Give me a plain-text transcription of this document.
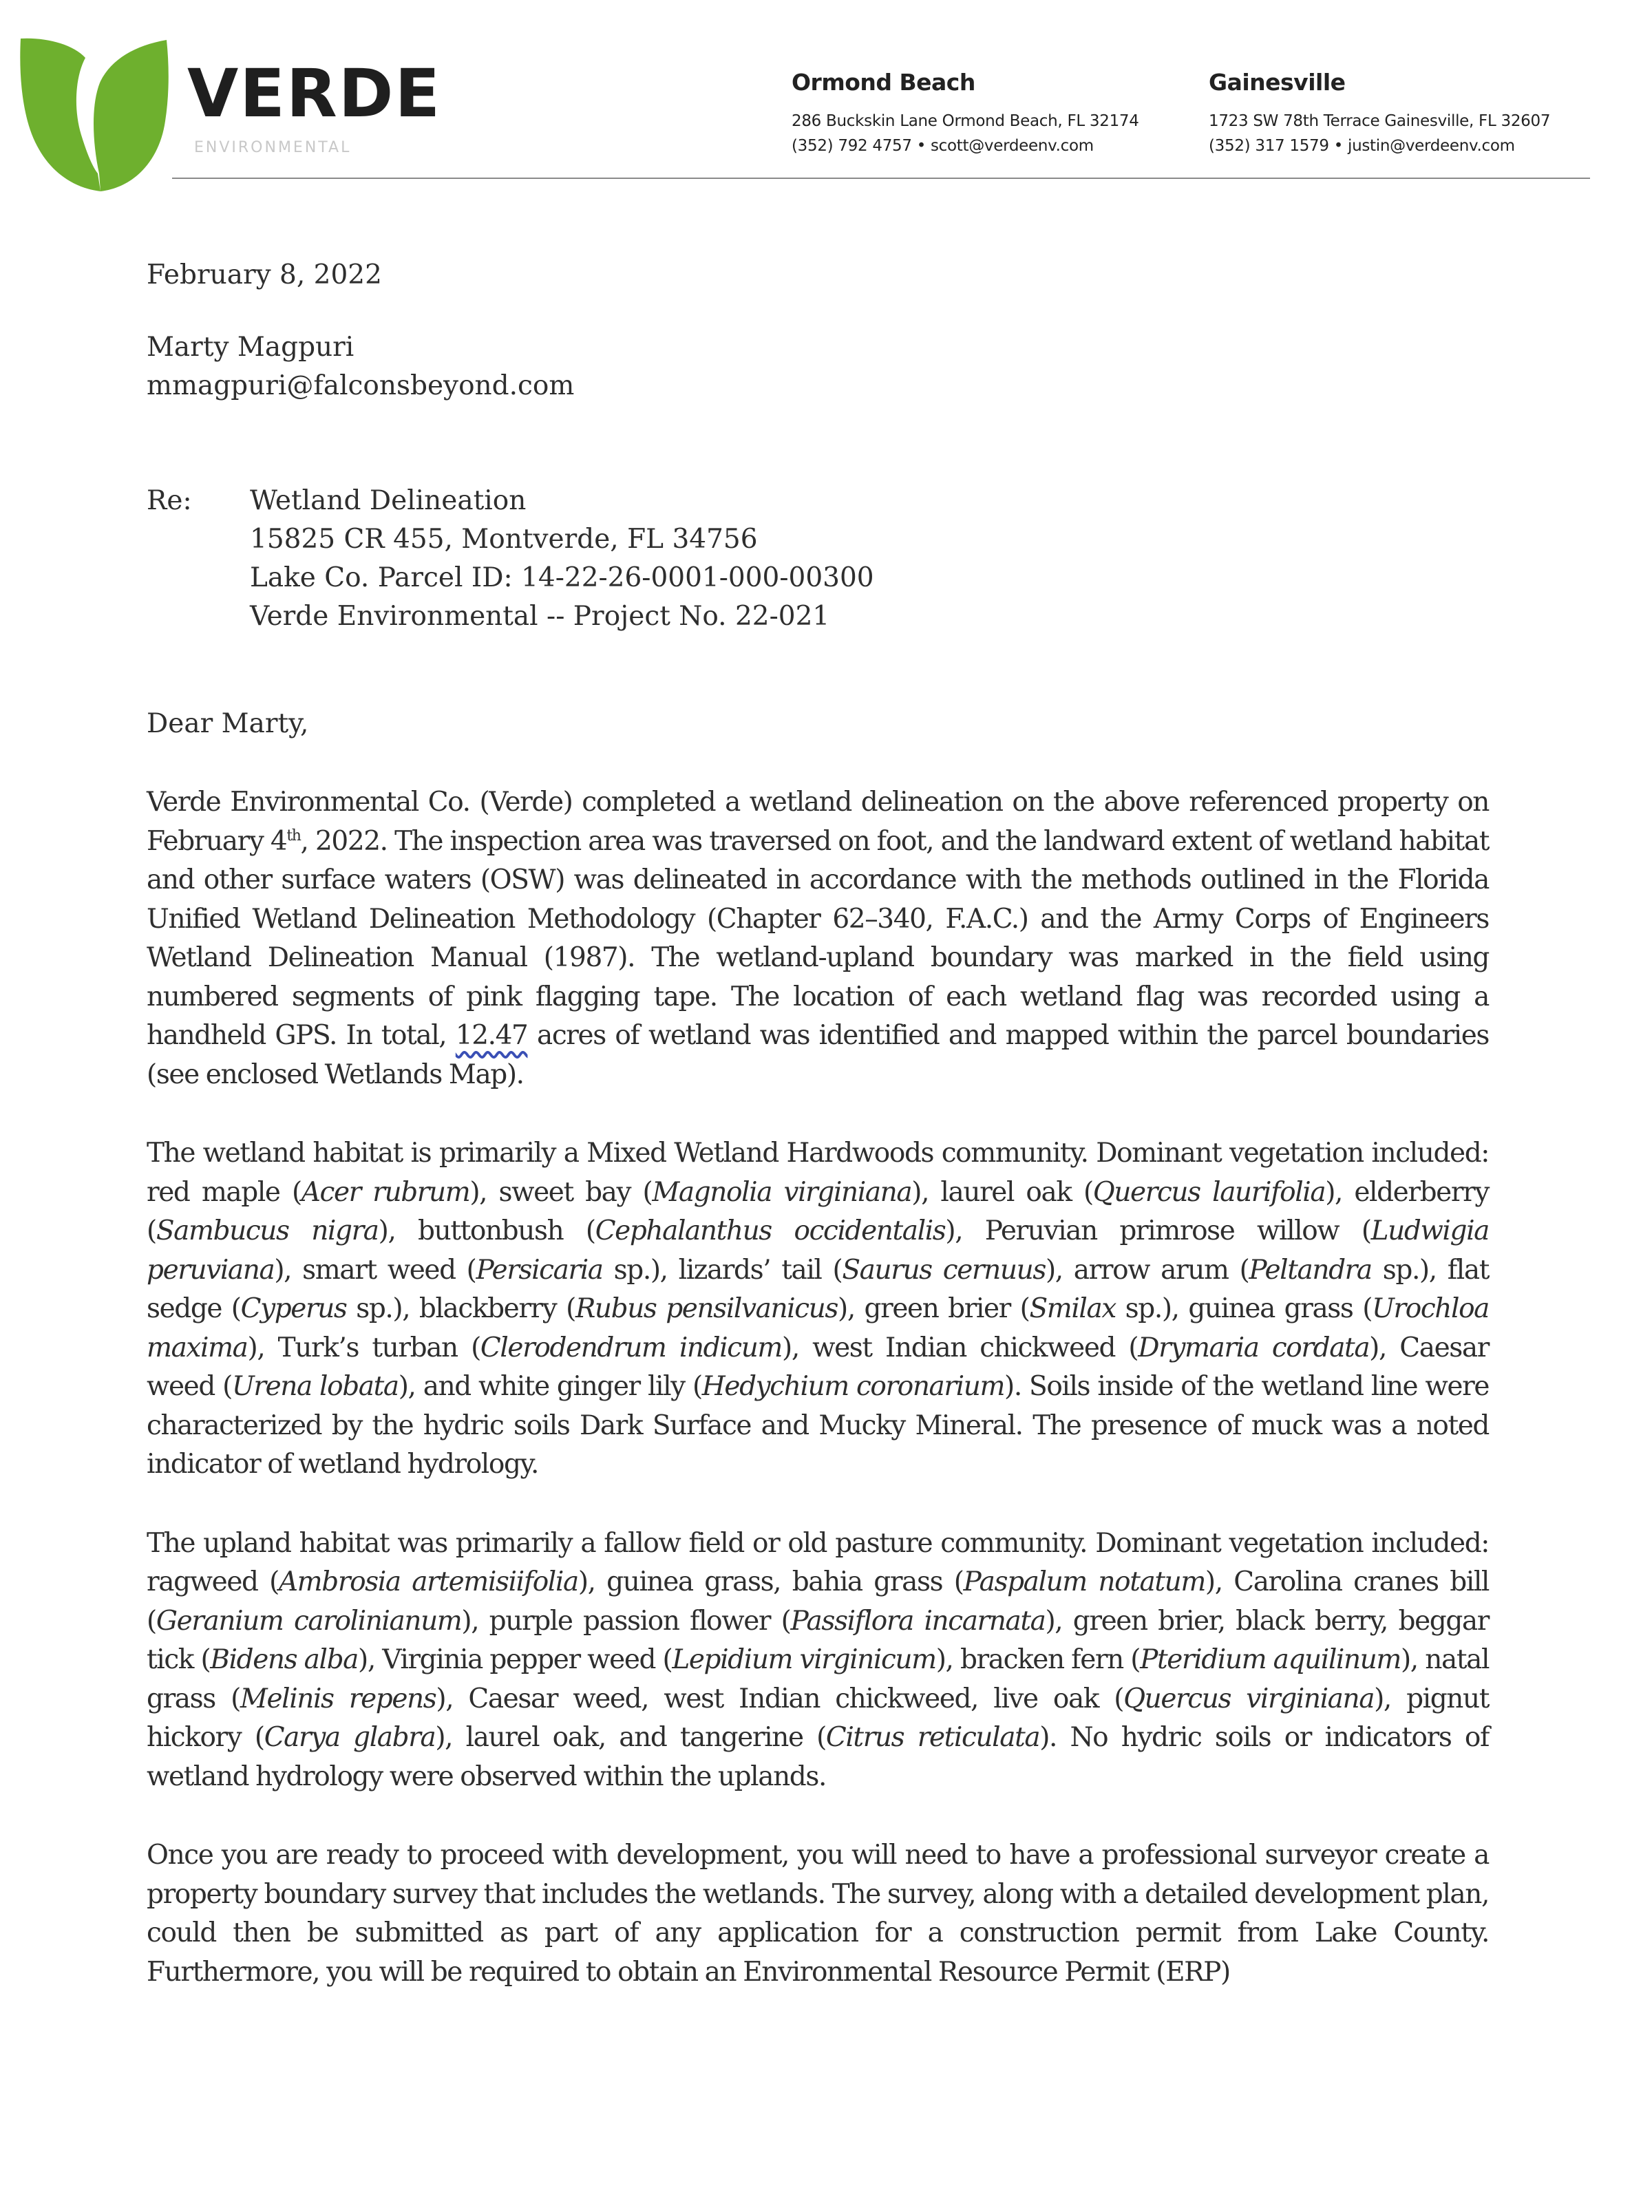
VERDE
ENVIRONMENTAL
Ormond Beach
286 Buckskin Lane Ormond Beach, FL 32174
(352) 792 4757 • scott@verdeenv.com
Gainesville
1723 SW 78th Terrace Gainesville, FL 32607
(352) 317 1579 • justin@verdeenv.com
February 8, 2022
Marty Magpuri
mmagpuri@falconsbeyond.com
Re:	Wetland Delineation
15825 CR 455, Montverde, FL 34756
Lake Co. Parcel ID: 14-22-26-0001-000-00300
Verde Environmental -- Project No. 22-021
Dear Marty,

Verde Environmental Co. (Verde) completed a wetland delineation on the above referenced property on February 4th, 2022. The inspection area was traversed on foot, and the landward extent of wetland habitat and other surface waters (OSW) was delineated in accordance with the methods outlined in the Florida Unified Wetland Delineation Methodology (Chapter 62–340, F.A.C.) and the Army Corps of Engineers Wetland Delineation Manual (1987). The wetland-upland boundary was marked in the field using numbered segments of pink flagging tape. The location of each wetland flag was recorded using a handheld GPS. In total, 12.47 acres of wetland was identified and mapped within the parcel boundaries (see enclosed Wetlands Map).

The wetland habitat is primarily a Mixed Wetland Hardwoods community. Dominant vegetation included: red maple (Acer rubrum), sweet bay (Magnolia virginiana), laurel oak (Quercus laurifolia), elderberry (Sambucus nigra), buttonbush (Cephalanthus occidentalis), Peruvian primrose willow (Ludwigia peruviana), smart weed (Persicaria sp.), lizards’ tail (Saurus cernuus), arrow arum (Peltandra sp.), flat sedge (Cyperus sp.), blackberry (Rubus pensilvanicus), green brier (Smilax sp.), guinea grass (Urochloa maxima), Turk’s turban (Clerodendrum indicum), west Indian chickweed (Drymaria cordata), Caesar weed (Urena lobata), and white ginger lily (Hedychium coronarium). Soils inside of the wetland line were characterized by the hydric soils Dark Surface and Mucky Mineral. The presence of muck was a noted indicator of wetland hydrology.

The upland habitat was primarily a fallow field or old pasture community. Dominant vegetation included: ragweed (Ambrosia artemisiifolia), guinea grass, bahia grass (Paspalum notatum), Carolina cranes bill (Geranium carolinianum), purple passion flower (Passiflora incarnata), green brier, black berry, beggar tick (Bidens alba), Virginia pepper weed (Lepidium virginicum), bracken fern (Pteridium aquilinum), natal grass (Melinis repens), Caesar weed, west Indian chickweed, live oak (Quercus virginiana), pignut hickory (Carya glabra), laurel oak, and tangerine (Citrus reticulata). No hydric soils or indicators of wetland hydrology were observed within the uplands.

Once you are ready to proceed with development, you will need to have a professional surveyor create a property boundary survey that includes the wetlands. The survey, along with a detailed development plan, could then be submitted as part of any application for a construction permit from Lake County. Furthermore, you will be required to obtain an Environmental Resource Permit (ERP)
